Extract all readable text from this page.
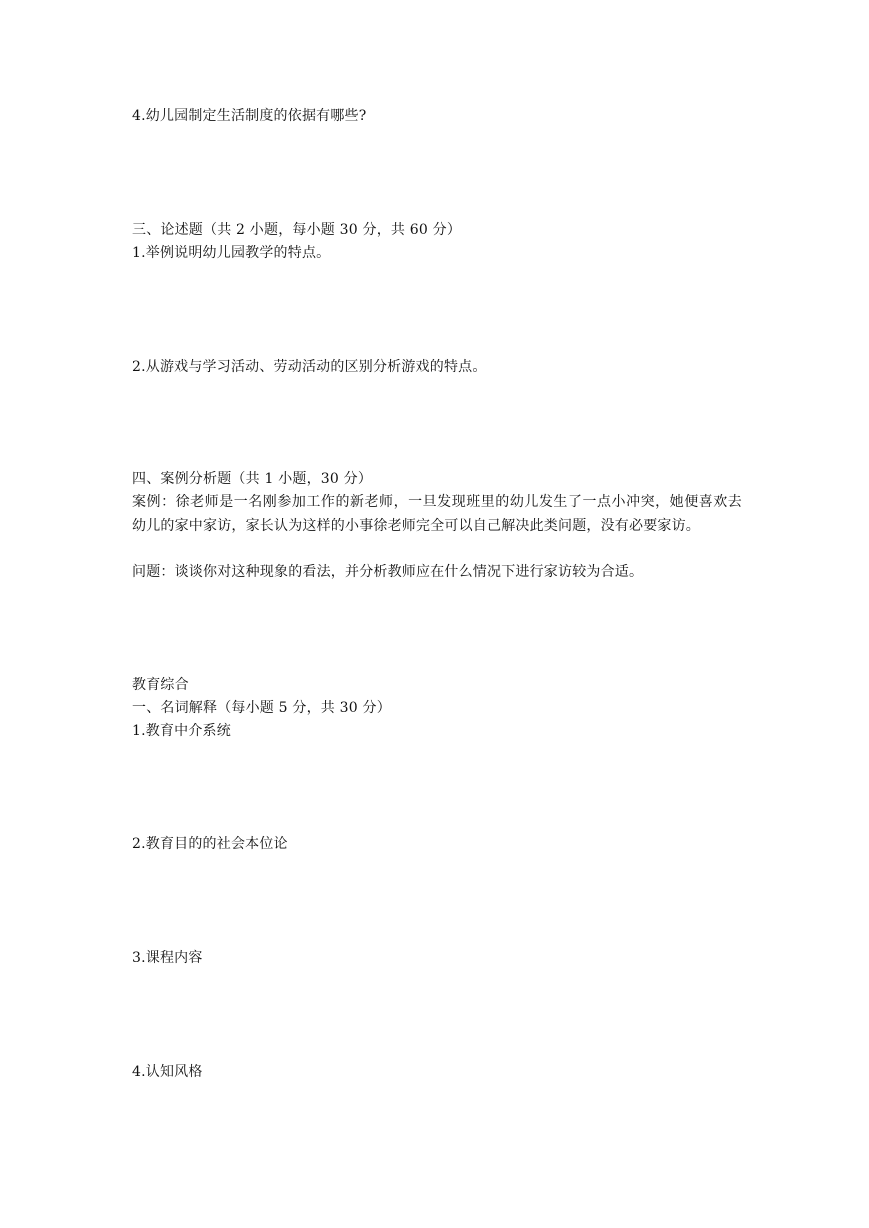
4.幼儿园制定生活制度的依据有哪些?
三、论述题（共 2 小题，每小题 30 分，共 60 分）
1.举例说明幼儿园教学的特点。
2.从游戏与学习活动、劳动活动的区别分析游戏的特点。
四、案例分析题（共 1 小题，30 分）
案例：徐老师是一名刚参加工作的新老师，一旦发现班里的幼儿发生了一点小冲突，她便喜欢去幼儿的家中家访，家长认为这样的小事徐老师完全可以自己解决此类问题，没有必要家访。
问题：谈谈你对这种现象的看法，并分析教师应在什么情况下进行家访较为合适。
教育综合
一、名词解释（每小题 5 分，共 30 分）
1.教育中介系统
2.教育目的的社会本位论
3.课程内容
4.认知风格
